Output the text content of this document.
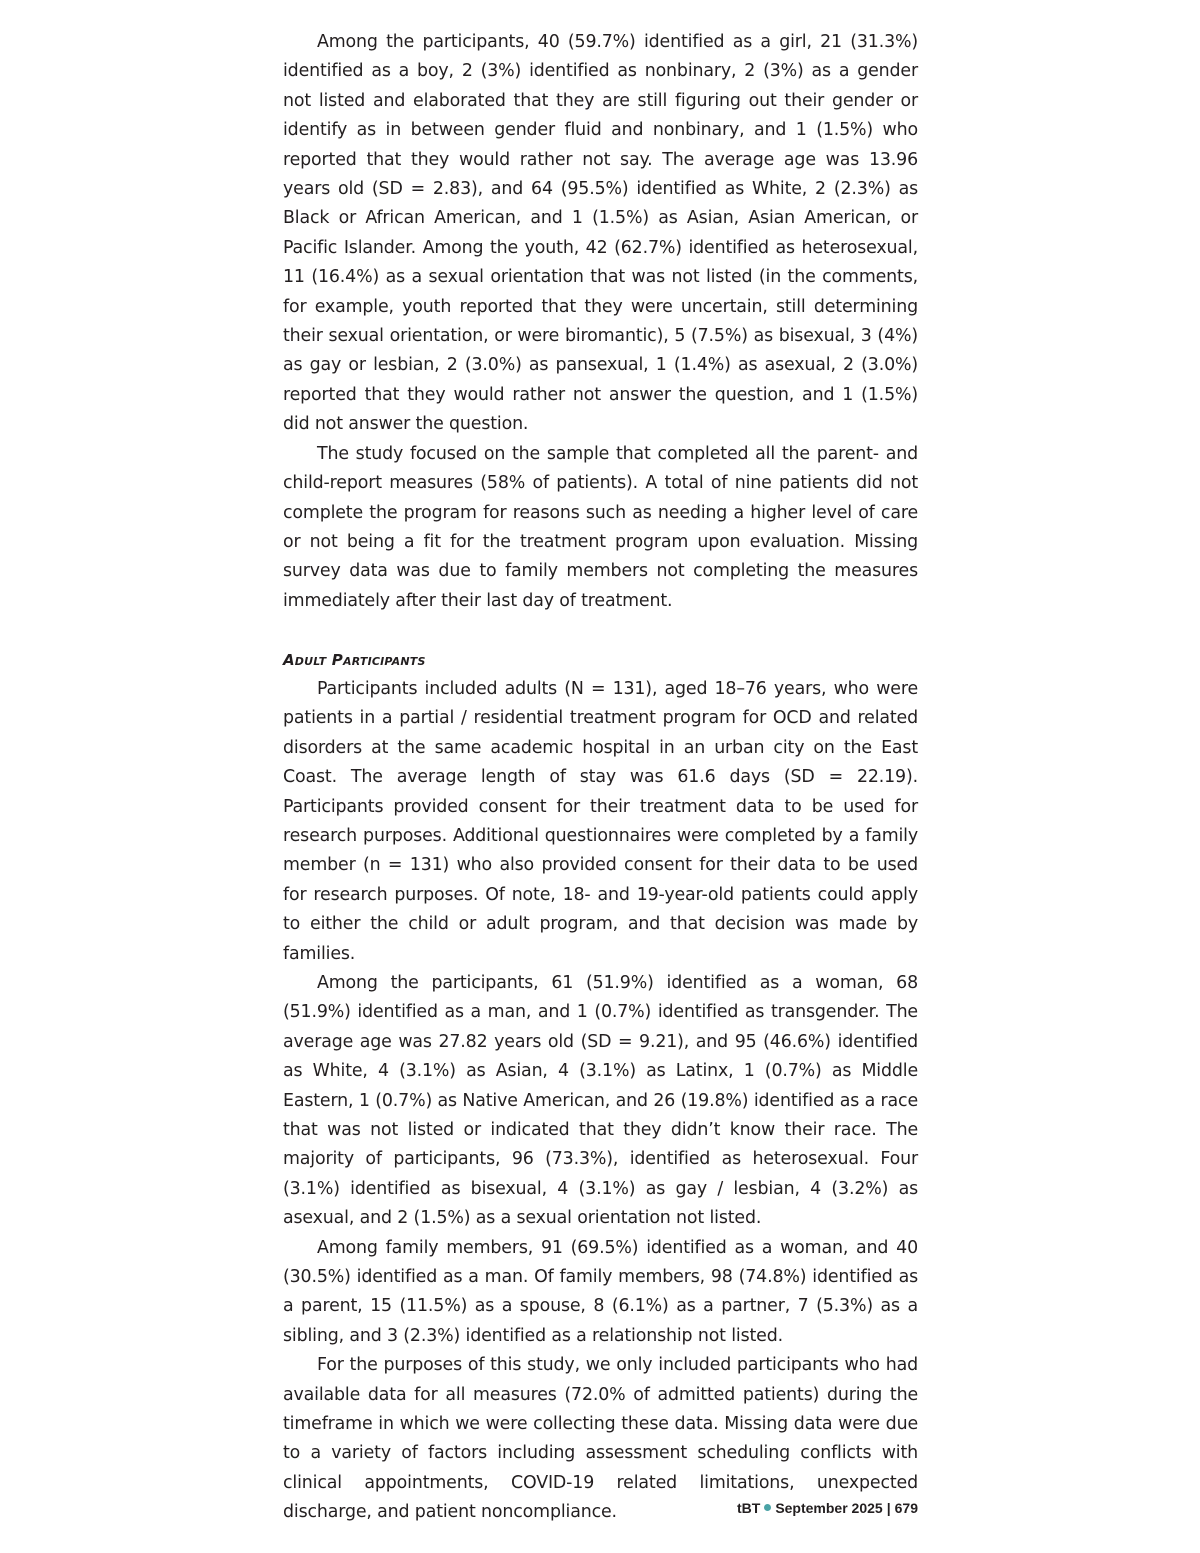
Among the participants, 40 (59.7%) identified as a girl, 21 (31.3%) identified as a boy, 2 (3%) identified as nonbinary, 2 (3%) as a gender not listed and elaborated that they are still figuring out their gender or identify as in between gender fluid and nonbinary, and 1 (1.5%) who reported that they would rather not say. The average age was 13.96 years old (SD = 2.83), and 64 (95.5%) identified as White, 2 (2.3%) as Black or African American, and 1 (1.5%) as Asian, Asian American, or Pacific Islander. Among the youth, 42 (62.7%) identified as heterosexual, 11 (16.4%) as a sexual orientation that was not listed (in the comments, for example, youth reported that they were uncertain, still determining their sexual orientation, or were biromantic), 5 (7.5%) as bisexual, 3 (4%) as gay or lesbian, 2 (3.0%) as pansexual, 1 (1.4%) as asexual, 2 (3.0%) reported that they would rather not answer the question, and 1 (1.5%) did not answer the question.

The study focused on the sample that completed all the parent- and child-report measures (58% of patients). A total of nine patients did not complete the program for reasons such as needing a higher level of care or not being a fit for the treatment program upon evaluation. Missing survey data was due to family members not completing the measures immediately after their last day of treatment.

Adult Participants

Participants included adults (N = 131), aged 18–76 years, who were patients in a partial / residential treatment program for OCD and related disorders at the same academic hospital in an urban city on the East Coast. The average length of stay was 61.6 days (SD = 22.19). Participants provided consent for their treatment data to be used for research purposes. Additional questionnaires were completed by a family member (n = 131) who also provided consent for their data to be used for research purposes. Of note, 18- and 19-year-old patients could apply to either the child or adult program, and that decision was made by families.

Among the participants, 61 (51.9%) identified as a woman, 68 (51.9%) identified as a man, and 1 (0.7%) identified as transgender. The average age was 27.82 years old (SD = 9.21), and 95 (46.6%) identified as White, 4 (3.1%) as Asian, 4 (3.1%) as Latinx, 1 (0.7%) as Middle Eastern, 1 (0.7%) as Native American, and 26 (19.8%) identified as a race that was not listed or indicated that they didn’t know their race. The majority of participants, 96 (73.3%), identified as heterosexual. Four (3.1%) identified as bisexual, 4 (3.1%) as gay / lesbian, 4 (3.2%) as asexual, and 2 (1.5%) as a sexual orientation not listed.

Among family members, 91 (69.5%) identified as a woman, and 40 (30.5%) identified as a man. Of family members, 98 (74.8%) identified as a parent, 15 (11.5%) as a spouse, 8 (6.1%) as a partner, 7 (5.3%) as a sibling, and 3 (2.3%) identified as a relationship not listed.

For the purposes of this study, we only included participants who had available data for all measures (72.0% of admitted patients) during the timeframe in which we were collecting these data. Missing data were due to a variety of factors including assessment scheduling conflicts with clinical appointments, COVID-19 related limitations, unexpected discharge, and patient noncompliance.	tBT September 2025 | 679
